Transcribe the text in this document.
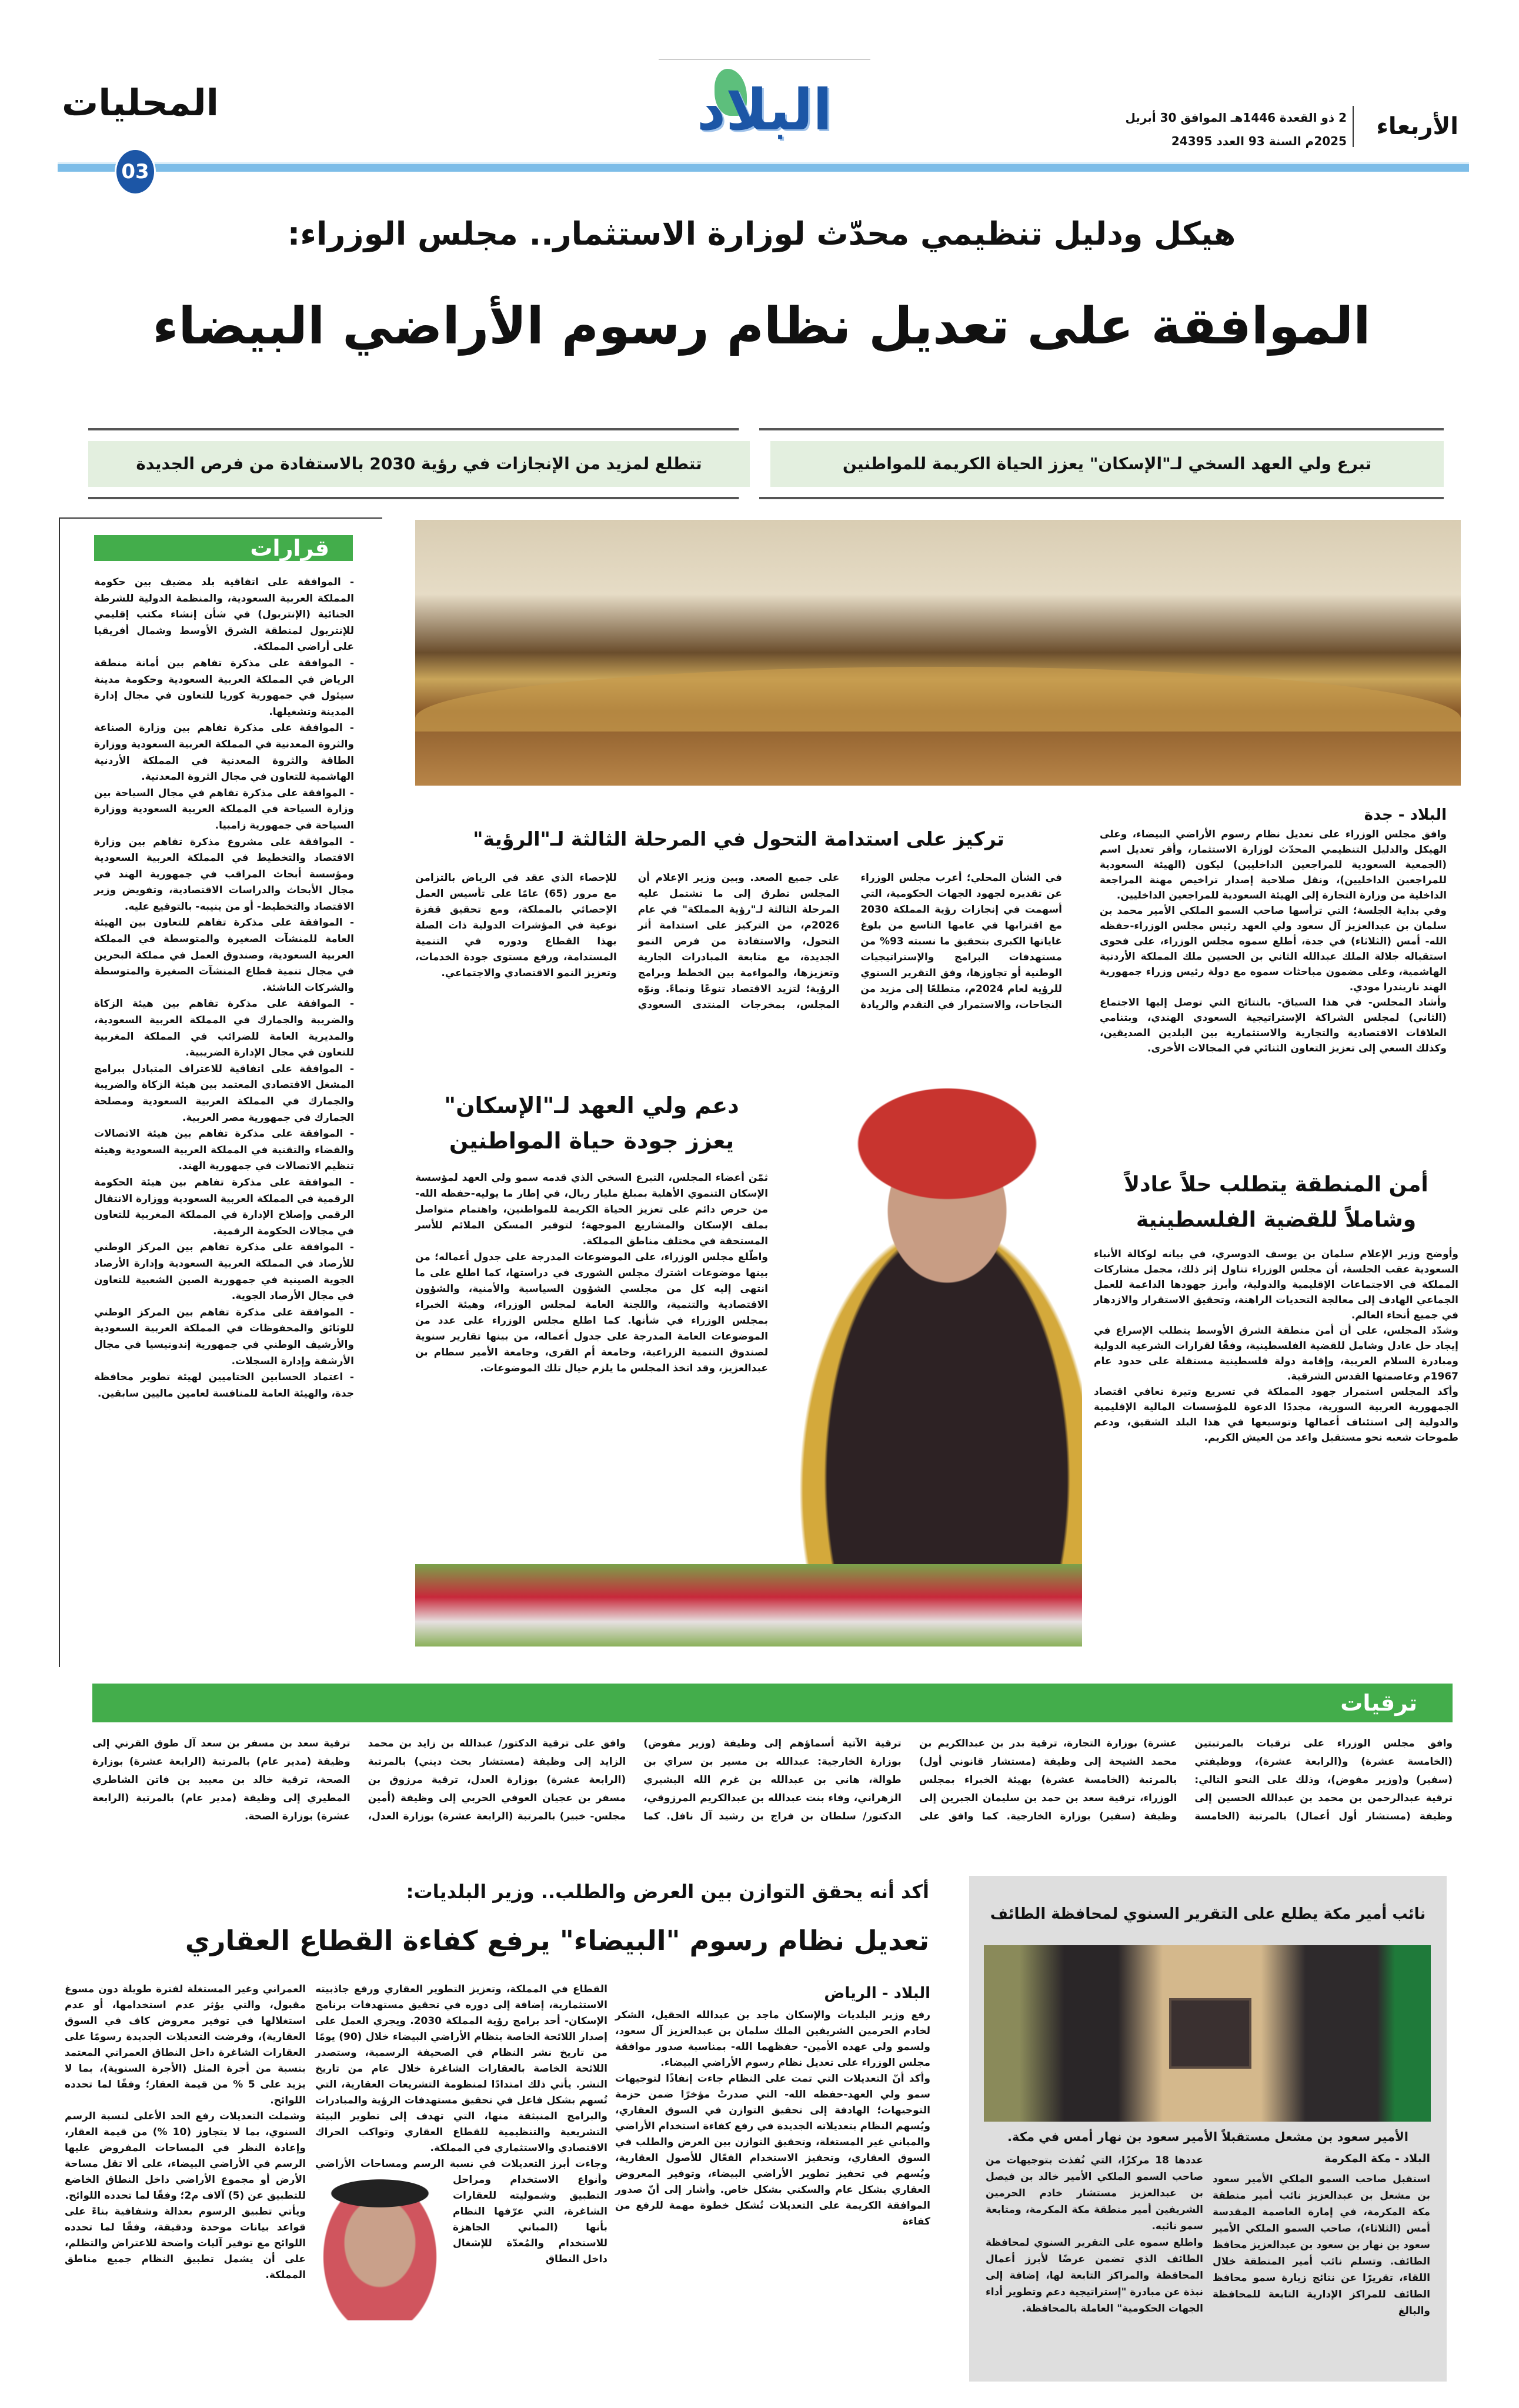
المحليات	البلاد	الأربعاء
2 ذو القعدة 1446هـ الموافق 30 أبريل
2025م السنة 93 العدد 24395
03
هيكل ودليل تنظيمي محدّث لوزارة الاستثمار.. مجلس الوزراء:
الموافقة على تعديل نظام رسوم الأراضي البيضاء
تبرع ولي العهد السخي لـ"الإسكان" يعزز الحياة الكريمة للمواطنين
تتطلع لمزيد من الإنجازات في رؤية 2030 بالاستفادة من فرص الجديدة
قرارات

- الموافقة على اتفاقية بلد مضيف بين حكومة المملكة العربية السعودية، والمنظمة الدولية للشرطة الجنائية (الإنتربول) في شأن إنشاء مكتب إقليمي للإنتربول لمنطقة الشرق الأوسط وشمال أفريقيا على أراضي المملكة.

- الموافقة على مذكرة تفاهم بين أمانة منطقة الرياض في المملكة العربية السعودية وحكومة مدينة سيئول في جمهورية كوريا للتعاون في مجال إدارة المدينة وتشغيلها.

- الموافقة على مذكرة تفاهم بين وزارة الصناعة والثروة المعدنية في المملكة العربية السعودية ووزارة الطاقة والثروة المعدنية في المملكة الأردنية الهاشمية للتعاون في مجال الثروة المعدنية.

- الموافقة على مذكرة تفاهم في مجال السياحة بين وزارة السياحة في المملكة العربية السعودية ووزارة السياحة في جمهورية زامبيا.

- الموافقة على مشروع مذكرة تفاهم بين وزارة الاقتصاد والتخطيط في المملكة العربية السعودية ومؤسسة أبحاث المراقب في جمهورية الهند في مجال الأبحاث والدراسات الاقتصادية، وتفويض وزير الاقتصاد والتخطيط- أو من ينيبه- بالتوقيع عليه.

- الموافقة على مذكرة تفاهم للتعاون بين الهيئة العامة للمنشآت الصغيرة والمتوسطة في المملكة العربية السعودية، وصندوق العمل في مملكة البحرين في مجال تنمية قطاع المنشآت الصغيرة والمتوسطة والشركات الناشئة.

- الموافقة على مذكرة تفاهم بين هيئة الزكاة والضريبة والجمارك في المملكة العربية السعودية، والمديرية العامة للضرائب في المملكة المغربية للتعاون في مجال الإدارة الضريبية.

- الموافقة على اتفاقية للاعتراف المتبادل ببرامج المشغل الاقتصادي المعتمد بين هيئة الزكاة والضريبة والجمارك في المملكة العربية السعودية ومصلحة الجمارك في جمهورية مصر العربية.

- الموافقة على مذكرة تفاهم بين هيئة الاتصالات والفضاء والتقنية في المملكة العربية السعودية وهيئة تنظيم الاتصالات في جمهورية الهند.

- الموافقة على مذكرة تفاهم بين هيئة الحكومة الرقمية في المملكة العربية السعودية ووزارة الانتقال الرقمي وإصلاح الإدارة في المملكة المغربية للتعاون في مجالات الحكومة الرقمية.

- الموافقة على مذكرة تفاهم بين المركز الوطني للأرصاد في المملكة العربية السعودية وإدارة الأرصاد الجوية الصينية في جمهورية الصين الشعبية للتعاون في مجال الأرصاد الجوية.

- الموافقة على مذكرة تفاهم بين المركز الوطني للوثائق والمحفوظات في المملكة العربية السعودية والأرشيف الوطني في جمهورية إندونيسيا في مجال الأرشفة وإدارة السجلات.

- اعتماد الحسابين الختاميين لهيئة تطوير محافظة جدة، والهيئة العامة للمنافسة لعامين ماليين سابقين.

البلاد - جدة

وافق مجلس الوزراء على تعديل نظام رسوم الأراضي البيضاء، وعلى الهيكل والدليل التنظيمي المحدّث لوزارة الاستثمار، وأقر تعديل اسم (الجمعية السعودية للمراجعين الداخليين) ليكون (الهيئة السعودية للمراجعين الداخليين)، ونقل صلاحية إصدار تراخيص مهنة المراجعة الداخلية من وزارة التجارة إلى الهيئة السعودية للمراجعين الداخليين.

وفي بداية الجلسة؛ التي ترأسها صاحب السمو الملكي الأمير محمد بن سلمان بن عبدالعزيز آل سعود ولي العهد رئيس مجلس الوزراء-حفظه الله- أمس (الثلاثاء) في جدة، أطلع سموه مجلس الوزراء، على فحوى استقباله جلالة الملك عبدالله الثاني بن الحسين ملك المملكة الأردنية الهاشمية، وعلى مضمون مباحثات سموه مع دولة رئيس وزراء جمهورية الهند ناريندرا مودي.

وأشاد المجلس- في هذا السياق- بالنتائج التي توصل إليها الاجتماع (الثاني) لمجلس الشراكة الإستراتيجية السعودي الهندي، وبتنامي العلاقات الاقتصادية والتجارية والاستثمارية بين البلدين الصديقين، وكذلك السعي إلى تعزيز التعاون الثنائي في المجالات الأخرى.

تركيز على استدامة التحول في المرحلة الثالثة لـ"الرؤية"
في الشأن المحلي؛ أعرب مجلس الوزراء عن تقديره لجهود الجهات الحكومية، التي أسهمت في إنجازات رؤية المملكة 2030 مع اقترابها في عامها التاسع من بلوغ غاياتها الكبرى بتحقيق ما نسبته 93% من مستهدفات البرامج والإستراتيجيات الوطنية أو تجاوزها، وفق التقرير السنوي للرؤية لعام 2024م، متطلعًا إلى مزيد من النجاحات، والاستمرار في التقدم والريادة على جميع الصعد. وبين وزير الإعلام أن المجلس تطرق إلى ما تشتمل عليه المرحلة الثالثة لـ"رؤية المملكة" في عام 2026م، من التركيز على استدامة أثر التحول، والاستفادة من فرص النمو الجديدة، مع متابعة المبادرات الجارية وتعزيزها، والمواءمة بين الخطط وبرامج الرؤية؛ لتزيد الاقتصاد تنوعًا ونماءً. ونوّه المجلس، بمخرجات المنتدى السعودي للإحصاء الذي عقد في الرياض بالتزامن مع مرور (65) عامًا على تأسيس العمل الإحصائي بالمملكة، ومع تحقيق قفزة نوعية في المؤشرات الدولية ذات الصلة بهذا القطاع ودوره في التنمية المستدامة، ورفع مستوى جودة الخدمات، وتعزيز النمو الاقتصادي والاجتماعي.
أمن المنطقة يتطلب حلاً عادلاً
وشاملاً للقضية الفلسطينية

وأوضح وزير الإعلام سلمان بن يوسف الدوسري، في بيانه لوكالة الأنباء السعودية عقب الجلسة، أن مجلس الوزراء تناول إثر ذلك، مجمل مشاركات المملكة في الاجتماعات الإقليمية والدولية، وأبرز جهودها الداعمة للعمل الجماعي الهادف إلى معالجة التحديات الراهنة، وتحقيق الاستقرار والازدهار في جميع أنحاء العالم.

وشدّد المجلس، على أن أمن منطقة الشرق الأوسط يتطلب الإسراع في إيجاد حل عادل وشامل للقضية الفلسطينية، وفقًا لقرارات الشرعية الدولية ومبادرة السلام العربية، وإقامة دولة فلسطينية مستقلة على حدود عام 1967م وعاصمتها القدس الشرقية.

وأكد المجلس استمرار جهود المملكة في تسريع وتيرة تعافي اقتصاد الجمهورية العربية السورية، مجددًا الدعوة للمؤسسات المالية الإقليمية والدولية إلى استئناف أعمالها وتوسيعها في هذا البلد الشقيق، ودعم طموحات شعبه نحو مستقبل واعد من العيش الكريم.

دعم ولي العهد لـ"الإسكان"
يعزز جودة حياة المواطنين

ثمّن أعضاء المجلس، التبرع السخي الذي قدمه سمو ولي العهد لمؤسسة الإسكان التنموي الأهلية بمبلغ مليار ريال، في إطار ما يوليه-حفظه الله- من حرص دائم على تعزيز الحياة الكريمة للمواطنين، واهتمام متواصل بملف الإسكان والمشاريع الموجهة؛ لتوفير المسكن الملائم للأسر المستحقة في مختلف مناطق المملكة.

واطّلع مجلس الوزراء، على الموضوعات المدرجة على جدول أعماله؛ من بينها موضوعات اشترك مجلس الشورى في دراستها، كما اطلع على ما انتهى إليه كل من مجلسي الشؤون السياسية والأمنية، والشؤون الاقتصادية والتنمية، واللجنة العامة لمجلس الوزراء، وهيئة الخبراء بمجلس الوزراء في شأنها. كما اطلع مجلس الوزراء على عدد من الموضوعات العامة المدرجة على جدول أعماله، من بينها تقارير سنوية لصندوق التنمية الزراعية، وجامعة أم القرى، وجامعة الأمير سطام بن عبدالعزيز، وقد اتخذ المجلس ما يلزم حيال تلك الموضوعات.

ترقيات
وافق مجلس الوزراء على ترقيات بالمرتبتين (الخامسة عشرة) و(الرابعة عشرة)، ووظيفتي (سفير) و(وزير مفوض)، وذلك على النحو التالي: ترقية عبدالرحمن بن محمد بن عبدالله الحسين إلى وظيفة (مستشار أول أعمال) بالمرتبة (الخامسة عشرة) بوزارة التجارة، ترقية بدر بن عبدالكريم بن محمد الشيحة إلى وظيفة (مستشار قانوني أول) بالمرتبة (الخامسة عشرة) بهيئة الخبراء بمجلس الوزراء، ترقية سعد بن حمد بن سليمان الجبرين إلى وظيفة (سفير) بوزارة الخارجية. كما وافق على ترقية الآتية أسماؤهم إلى وظيفة (وزير مفوض) بوزارة الخارجية: عبدالله بن مسير بن سراي بن طوالة، هاني بن عبدالله بن غرم الله البشيري الزهراني، وفاء بنت عبدالله بن عبدالكريم المرزوقي، الدكتور/ سلطان بن فراج بن رشيد آل نافل. كما وافق على ترقية الدكتور/ عبدالله بن زايد بن محمد الزايد إلى وظيفة (مستشار بحث ديني) بالمرتبة (الرابعة عشرة) بوزارة العدل، ترقية مرزوق بن مسفر بن عجيان العوفي الحربي إلى وظيفة (أمين مجلس- خبير) بالمرتبة (الرابعة عشرة) بوزارة العدل، ترقية سعد بن مسفر بن سعد آل طوق القرني إلى وظيفة (مدير عام) بالمرتبة (الرابعة عشرة) بوزارة الصحة، ترقية خالد بن معيبد بن فاتن الشاطري المطيري إلى وظيفة (مدير عام) بالمرتبة (الرابعة عشرة) بوزارة الصحة.
نائب أمير مكة يطلع على التقرير السنوي لمحافظة الطائف
الأمير سعود بن مشعل مستقبلاً الأمير سعود بن نهار أمس في مكة.
البلاد - مكة المكرمة
استقبل صاحب السمو الملكي الأمير سعود بن مشعل بن عبدالعزيز نائب أمير منطقة مكة المكرمة، في إمارة العاصمة المقدسة أمس (الثلاثاء)، صاحب السمو الملكي الأمير سعود بن نهار بن سعود بن عبدالعزيز محافظ الطائف. وتسلم نائب أمير المنطقة خلال اللقاء، تقريرًا عن نتائج زيارة سمو محافظ الطائف للمراكز الإدارية التابعة للمحافظة والبالغ

عددها 18 مركزًا، التي نُفذت بتوجيهات من صاحب السمو الملكي الأمير خالد بن فيصل بن عبدالعزيز مستشار خادم الحرمين الشريفين أمير منطقة مكة المكرمة، ومتابعة سمو نائبه.

واطلع سموه على التقرير السنوي لمحافظة الطائف الذي تضمن عرضًا لأبرز أعمال المحافظة والمراكز التابعة لها، إضافة إلى نبذة عن مبادرة "إستراتيجية دعم وتطوير أداء الجهات الحكومية" العاملة بالمحافظة.

أكد أنه يحقق التوازن بين العرض والطلب.. وزير البلديات:
تعديل نظام رسوم "البيضاء" يرفع كفاءة القطاع العقاري
البلاد - الرياض

رفع وزير البلديات والإسكان ماجد بن عبدالله الحقيل، الشكر لخادم الحرمين الشريفين الملك سلمان بن عبدالعزيز آل سعود، ولسمو ولي عهده الأمين- حفظهما الله- بمناسبة صدور موافقة مجلس الوزراء على تعديل نظام رسوم الأراضي البيضاء.

وأكد أنّ التعديلات التي تمت على النظام جاءت إنفاذًا لتوجيهات سمو ولي العهد-حفظه الله- التي صدرتْ مؤخرًا ضمن حزمة التوجيهات؛ الهادفة إلى تحقيق التوازن في السوق العقاري، ويُسهم النظام بتعديلاته الجديدة في رفع كفاءة استخدام الأراضي والمباني غير المستغلة، وتحقيق التوازن بين العرض والطلب في السوق العقاري، وتحفيز الاستخدام الفعّال للأصول العقارية، ويُسهم في تحفيز تطوير الأراضي البيضاء، وتوفير المعروض العقاري بشكل عام والسكني بشكل خاص. وأشار إلى أنّ صدور الموافقة الكريمة على التعديلات تُشكل خطوة مهمة للرفع من كفاءة

القطاع في المملكة، وتعزيز التطوير العقاري ورفع جاذبيته الاستثمارية، إضافة إلى دوره في تحقيق مستهدفات برنامج الإسكان- أحد برامج رؤية المملكة 2030. ويجري العمل على إصدار اللائحة الخاصة بنظام الأراضي البيضاء خلال (90) يومًا من تاريخ نشر النظام في الصحيفة الرسمية، وستصدر اللائحة الخاصة بالعقارات الشاغرة خلال عام من تاريخ النشر. يأتي ذلك امتدادًا لمنظومة التشريعات العقارية، التي تُسهم بشكل فاعل في تحقيق مستهدفات الرؤية والمبادرات والبرامج المنبثقة منها، التي تهدف إلى تطوير البيئة التشريعية والتنظيمية للقطاع العقاري وتواكب الحراك الاقتصادي والاستثماري في المملكة.

وجاءت أبرز التعديلات في نسبة الرسم ومساحات الأراضي وأنواع الاستخدام ومراحل التطبيق وشموليته للعقارات الشاغرة، التي عرّفها النظام بأنها (المباني الجاهزة للاستخدام والمُعدّة للإشغال داخل النطاق

العمراني وغير المستغلة لفترة طويلة دون مسوغ مقبول، والتي يؤثر عدم استخدامها، أو عدم استغلالها في توفير معروض كاف في السوق العقارية)، وفرضت التعديلات الجديدة رسومًا على العقارات الشاغرة داخل النطاق العمراني المعتمد بنسبة من أجرة المثل (الأجرة السنوية)، بما لا يزيد على 5 % من قيمة العقار؛ وفقًا لما تحدده اللوائح.

وشملت التعديلات رفع الحد الأعلى لنسبة الرسم السنوي، بما لا يتجاوز (10 %) من قيمة العقار، وإعادة النظر في المساحات المفروض عليها الرسم في الأراضي البيضاء، على ألا تقل مساحة الأرض أو مجموع الأراضي داخل النطاق الخاضع للتطبيق عن (5) آلاف م2؛ وفقًا لما تحدده اللوائح.

ويأتي تطبيق الرسوم بعدالة وشفافية بناءً على قواعد بيانات موحدة ودقيقة، وفقًا لما تحدده اللوائح مع توفير آليات واضحة للاعتراض والتظلم، على أن يشمل تطبيق النظام جميع مناطق المملكة.
